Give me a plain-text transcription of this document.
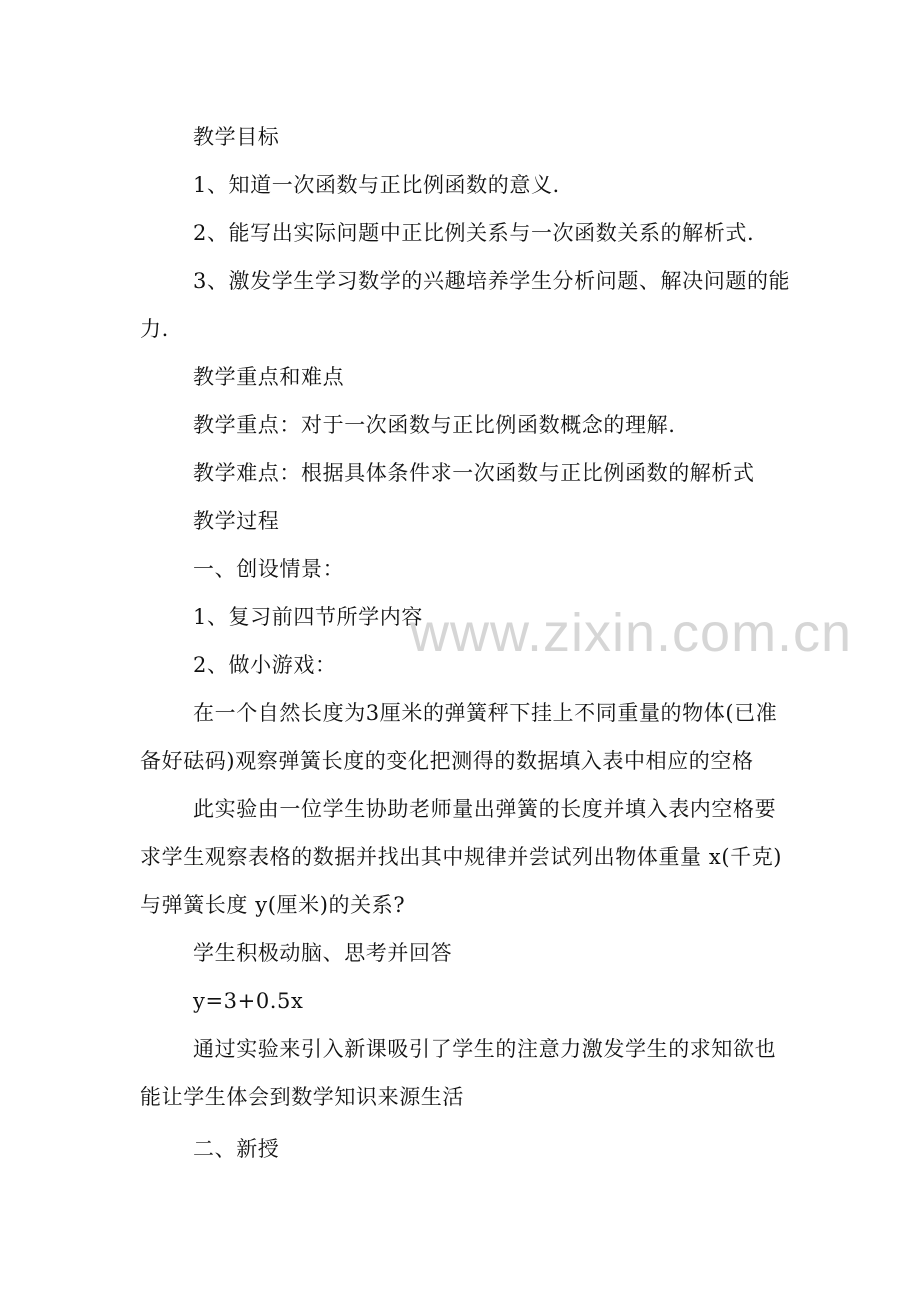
教学目标
1、知道一次函数与正比例函数的意义.
2、能写出实际问题中正比例关系与一次函数关系的解析式.
3、激发学生学习数学的兴趣培养学生分析问题、解决问题的能
力.
教学重点和难点
教学重点：对于一次函数与正比例函数概念的理解.
教学难点：根据具体条件求一次函数与正比例函数的解析式
教学过程
一、创设情景：
1、复习前四节所学内容
2、做小游戏：
在一个自然长度为3厘米的弹簧秤下挂上不同重量的物体(已准
备好砝码)观察弹簧长度的变化把测得的数据填入表中相应的空格
此实验由一位学生协助老师量出弹簧的长度并填入表内空格要
求学生观察表格的数据并找出其中规律并尝试列出物体重量 x(千克)
与弹簧长度 y(厘米)的关系?
学生积极动脑、思考并回答
y=3+0.5x
通过实验来引入新课吸引了学生的注意力激发学生的求知欲也
能让学生体会到数学知识来源生活
二、新授
www.zixin.com.cn
